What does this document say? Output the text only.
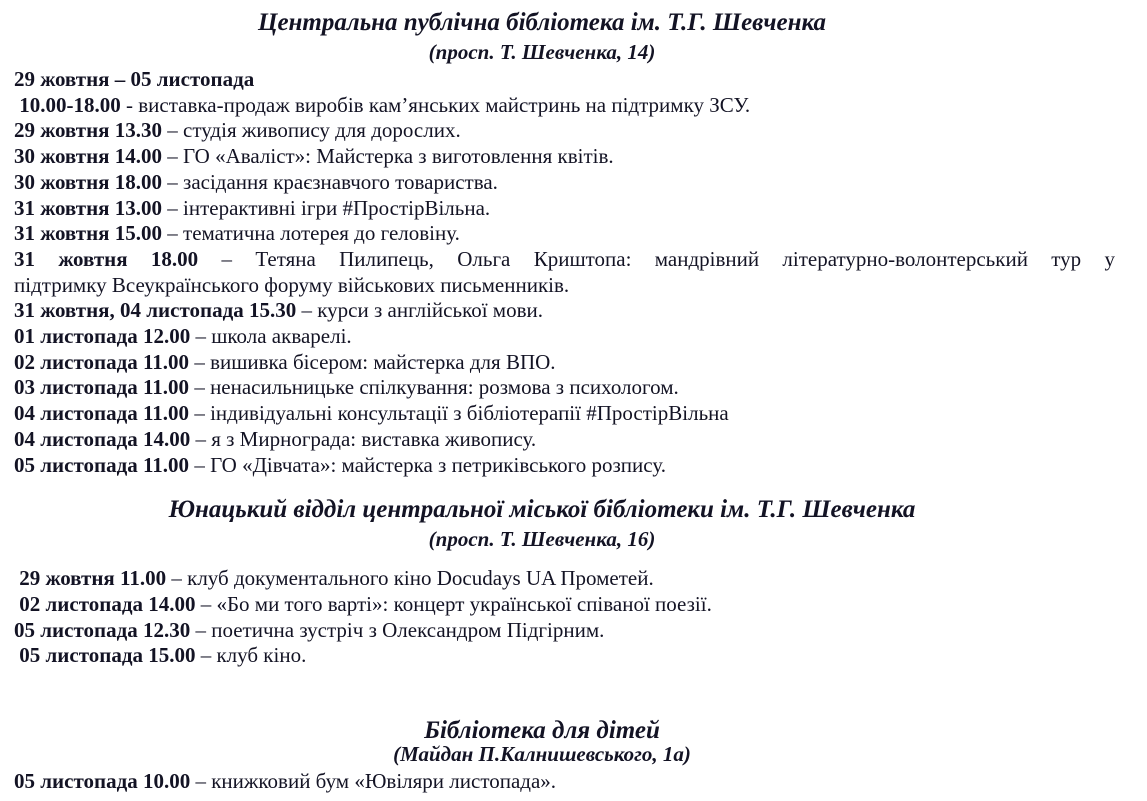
Центральна публічна бібліотека ім. Т.Г. Шевченка
(просп. Т. Шевченка, 14)
29 жовтня – 05 листопада
10.00-18.00 - виставка-продаж виробів кам’янських майстринь на підтримку ЗСУ.
29 жовтня 13.30 – студія живопису для дорослих.
30 жовтня 14.00 – ГО «Аваліст»: Майстерка з виготовлення квітів.
30 жовтня 18.00 – засідання краєзнавчого товариства.
31 жовтня 13.00 – інтерактивні ігри #ПростірВільна.
31 жовтня 15.00 – тематична лотерея до геловіну.
31 жовтня 18.00 – Тетяна Пилипець, Ольга Криштопа: мандрівний літературно-волонтерський тур у
підтримку Всеукраїнського форуму військових письменників.
31 жовтня, 04 листопада 15.30 – курси з англійської мови.
01 листопада 12.00 – школа акварелі.
02 листопада 11.00 – вишивка бісером: майстерка для ВПО.
03 листопада 11.00 – ненасильницьке спілкування: розмова з психологом.
04 листопада 11.00 – індивідуальні консультації з бібліотерапії #ПростірВільна
04 листопада 14.00 – я з Мирнограда: виставка живопису.
05 листопада 11.00 – ГО «Дівчата»: майстерка з петриківського розпису.
Юнацький відділ центральної міської бібліотеки ім. Т.Г. Шевченка
(просп. Т. Шевченка, 16)
29 жовтня 11.00 – клуб документального кіно Docudays UA Прометей.
02 листопада 14.00 – «Бо ми того варті»: концерт української співаної поезії.
05 листопада 12.30 – поетична зустріч з Олександром Підгірним.
05 листопада 15.00 – клуб кіно.
Бібліотека для дітей
(Майдан П.Калнишевського, 1а)
05 листопада 10.00 – книжковий бум «Ювіляри листопада».
